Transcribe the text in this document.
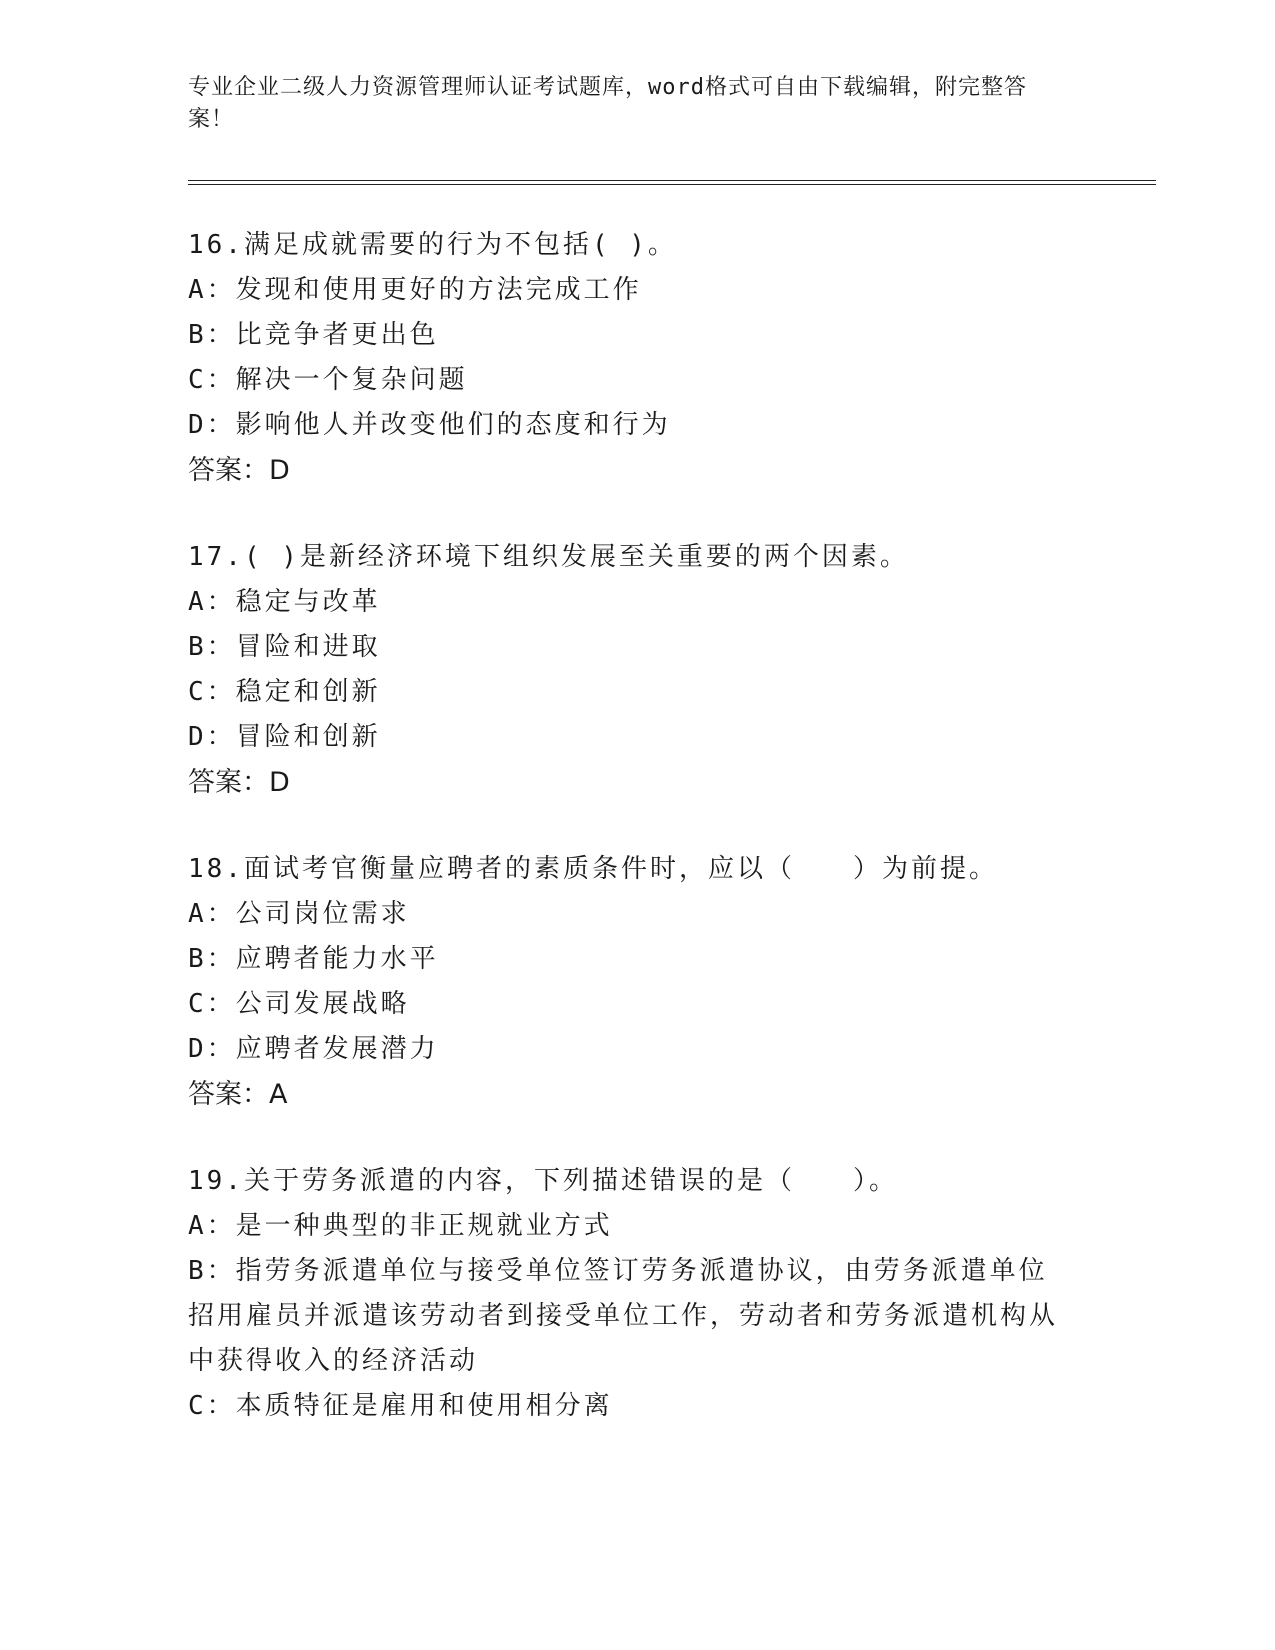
专业企业二级人力资源管理师认证考试题库，word格式可自由下载编辑，附完整答案！
16.满足成就需要的行为不包括( )。
A：发现和使用更好的方法完成工作
B：比竞争者更出色
C：解决一个复杂问题
D：影响他人并改变他们的态度和行为
答案：D
17.( )是新经济环境下组织发展至关重要的两个因素。
A：稳定与改革
B：冒险和进取
C：稳定和创新
D：冒险和创新
答案：D
18.面试考官衡量应聘者的素质条件时，应以（　　）为前提。
A：公司岗位需求
B：应聘者能力水平
C：公司发展战略
D：应聘者发展潜力
答案：A
19.关于劳务派遣的内容，下列描述错误的是（　　）。
A：是一种典型的非正规就业方式
B：指劳务派遣单位与接受单位签订劳务派遣协议，由劳务派遣单位招用雇员并派遣该劳动者到接受单位工作，劳动者和劳务派遣机构从中获得收入的经济活动
C：本质特征是雇用和使用相分离
